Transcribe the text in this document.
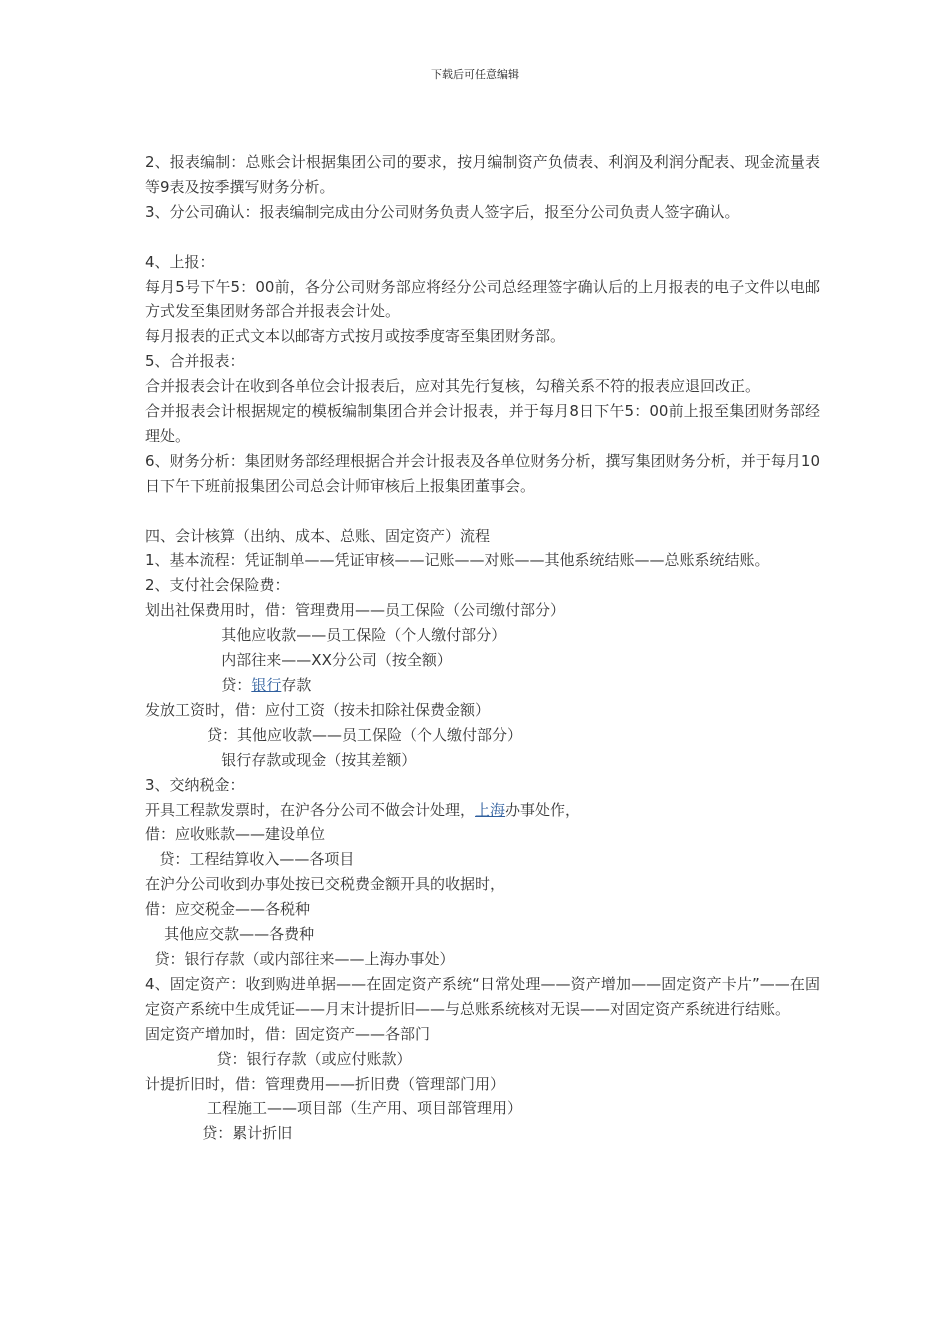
下载后可任意编辑

2、报表编制：总账会计根据集团公司的要求，按月编制资产负债表、利润及利润分配表、现金流量表等9表及按季撰写财务分析。

3、分公司确认：报表编制完成由分公司财务负责人签字后，报至分公司负责人签字确认。

4、上报：

每月5号下午5：00前，各分公司财务部应将经分公司总经理签字确认后的上月报表的电子文件以电邮方式发至集团财务部合并报表会计处。

每月报表的正式文本以邮寄方式按月或按季度寄至集团财务部。

5、合并报表：

合并报表会计在收到各单位会计报表后，应对其先行复核，勾稽关系不符的报表应退回改正。

合并报表会计根据规定的模板编制集团合并会计报表，并于每月8日下午5：00前上报至集团财务部经理处。

6、财务分析：集团财务部经理根据合并会计报表及各单位财务分析，撰写集团财务分析，并于每月10日下午下班前报集团公司总会计师审核后上报集团董事会。

四、会计核算（出纳、成本、总账、固定资产）流程

1、基本流程：凭证制单——凭证审核——记账——对账——其他系统结账——总账系统结账。

2、支付社会保险费：

划出社保费用时，借：管理费用——员工保险（公司缴付部分）

其他应收款——员工保险（个人缴付部分）

内部往来——XX分公司（按全额）

贷：银行存款

发放工资时，借：应付工资（按未扣除社保费金额）

贷：其他应收款——员工保险（个人缴付部分）

银行存款或现金（按其差额）

3、交纳税金：

开具工程款发票时，在沪各分公司不做会计处理，上海办事处作，

借：应收账款——建设单位

贷：工程结算收入——各项目

在沪分公司收到办事处按已交税费金额开具的收据时，

借：应交税金——各税种

其他应交款——各费种

贷：银行存款（或内部往来——上海办事处）

4、固定资产：收到购进单据——在固定资产系统“日常处理——资产增加——固定资产卡片”——在固定资产系统中生成凭证——月末计提折旧——与总账系统核对无误——对固定资产系统进行结账。

固定资产增加时，借：固定资产——各部门

贷：银行存款（或应付账款）

计提折旧时，借：管理费用——折旧费（管理部门用）

工程施工——项目部（生产用、项目部管理用）

贷：累计折旧
